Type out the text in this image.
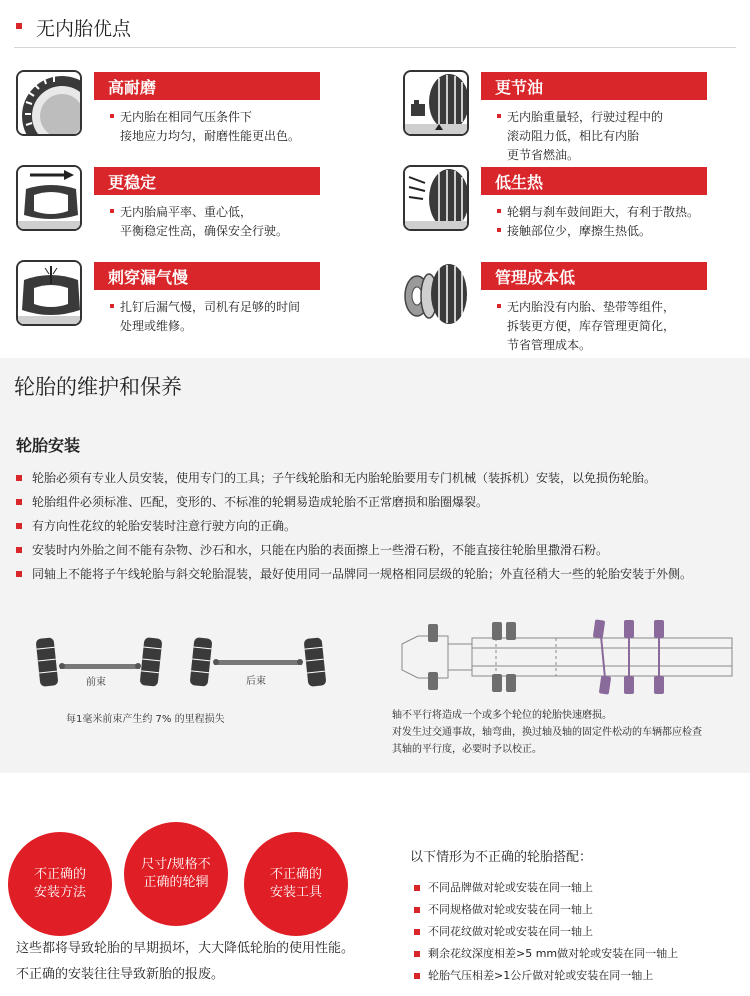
无内胎优点
高耐磨
无内胎在相同气压条件下
接地应力均匀，耐磨性能更出色。
更节油
无内胎重量轻，行驶过程中的
滚动阻力低，相比有内胎
更节省燃油。
更稳定
无内胎扁平率、重心低，
平衡稳定性高，确保安全行驶。
低生热
轮辋与刹车鼓间距大，有利于散热。
接触部位少，摩擦生热低。
刺穿漏气慢
扎钉后漏气慢，司机有足够的时间
处理或维修。
管理成本低
无内胎没有内胎、垫带等组件，
拆装更方便，库存管理更简化，
节省管理成本。
轮胎的维护和保养
轮胎安装
轮胎必须有专业人员安装，使用专门的工具；子午线轮胎和无内胎轮胎要用专门机械（装拆机）安装，以免损伤轮胎。
轮胎组件必须标准、匹配，变形的、不标准的轮辋易造成轮胎不正常磨损和胎圈爆裂。
有方向性花纹的轮胎安装时注意行驶方向的正确。
安装时内外胎之间不能有杂物、沙石和水，只能在内胎的表面擦上一些滑石粉，不能直接往轮胎里撒滑石粉。
同轴上不能将子午线轮胎与斜交轮胎混装，最好使用同一品牌同一规格相同层级的轮胎；外直径稍大一些的轮胎安装于外侧。
前束	后束
每1毫米前束产生约 7% 的里程损失	轴不平行将造成一个或多个轮位的轮胎快速磨损。
对发生过交通事故，轴弯曲，换过轴及轴的固定件松动的车辆都应检查
其轴的平行度，必要时予以校正。
不正确的
安装方法
尺寸/规格不
正确的轮辋
不正确的
安装工具
这些都将导致轮胎的早期损坏，大大降低轮胎的使用性能。
不正确的安装往往导致新胎的报废。
以下情形为不正确的轮胎搭配：
不同品牌做对轮或安装在同一轴上
不同规格做对轮或安装在同一轴上
不同花纹做对轮或安装在同一轴上
剩余花纹深度相差>5 mm做对轮或安装在同一轴上
轮胎气压相差>1公斤做对轮或安装在同一轴上
